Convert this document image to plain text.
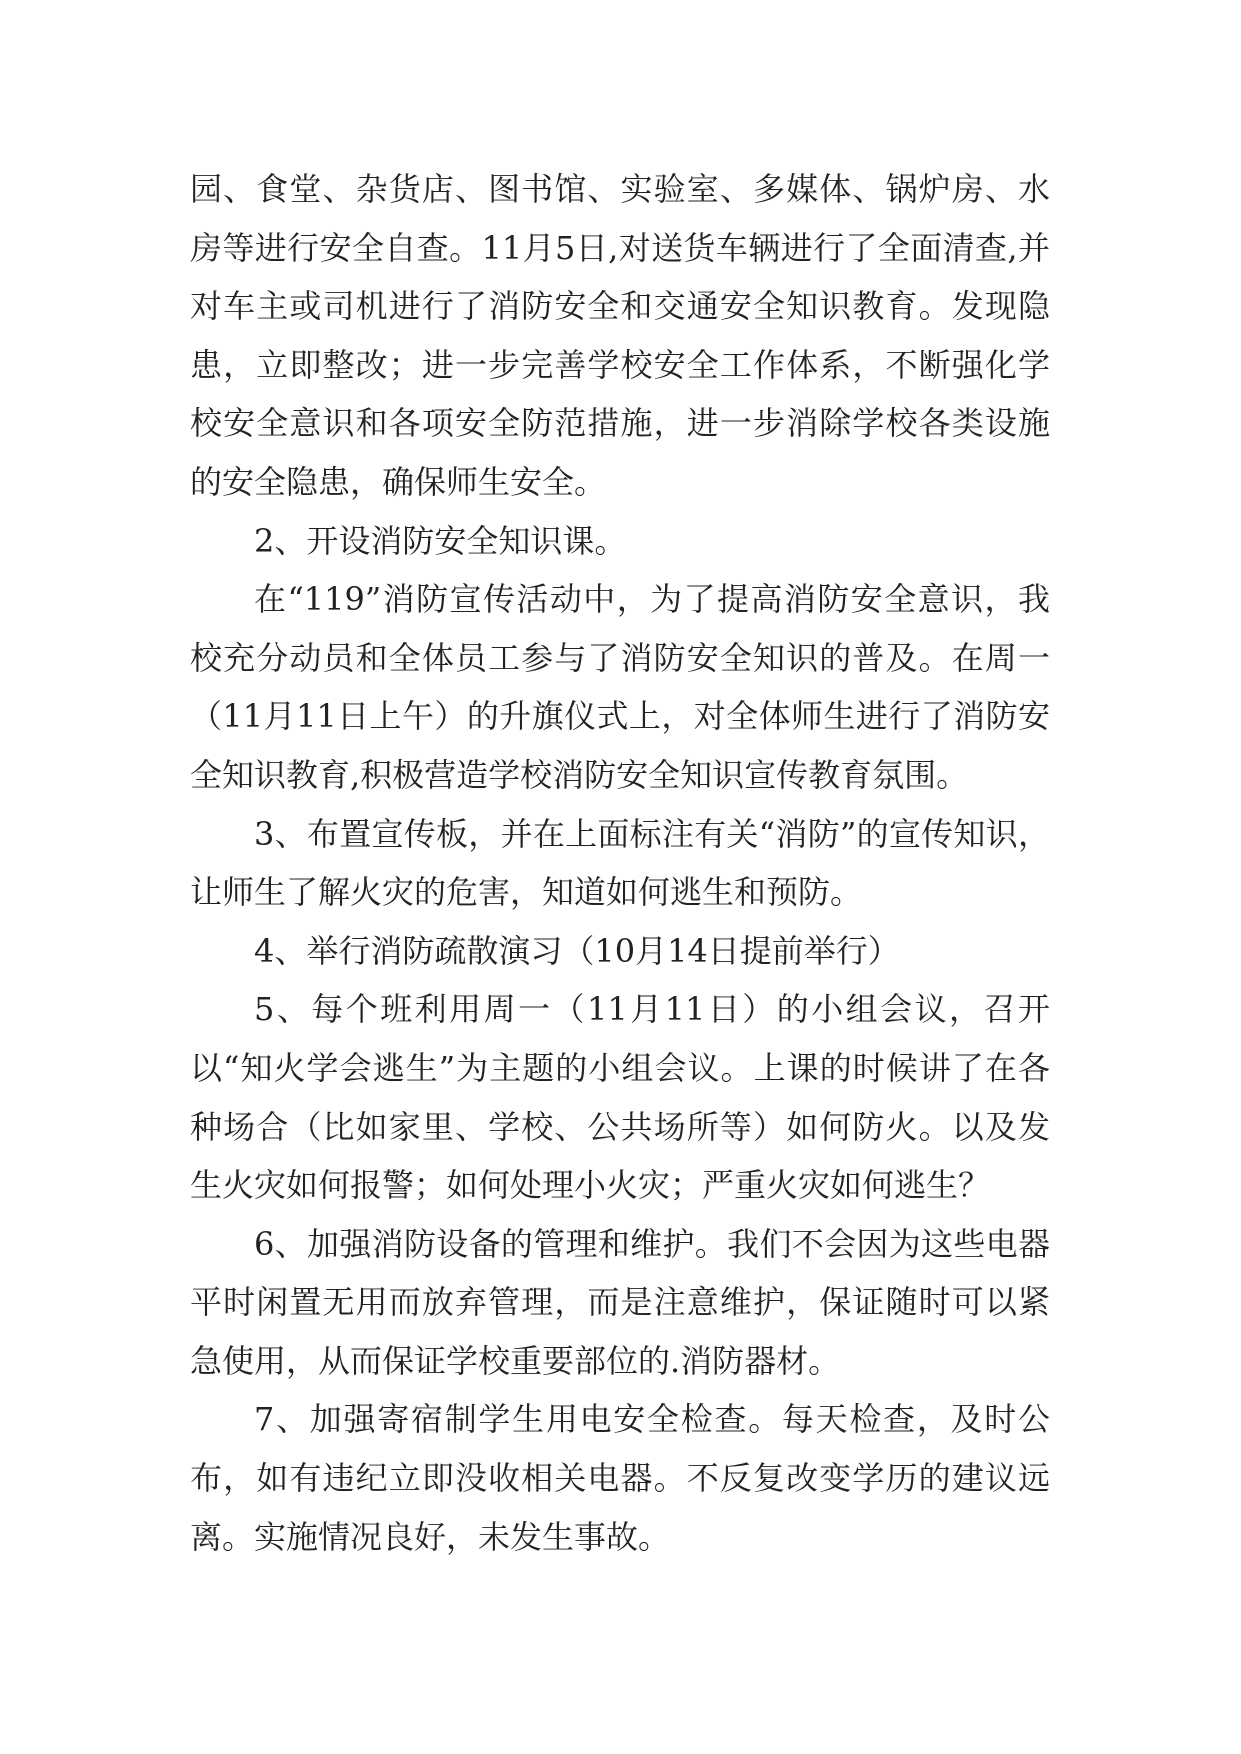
园、食堂、杂货店、图书馆、实验室、多媒体、锅炉房、水房等进行安全自查。11月5日,对送货车辆进行了全面清查,并对车主或司机进行了消防安全和交通安全知识教育。发现隐患，立即整改；进一步完善学校安全工作体系，不断强化学校安全意识和各项安全防范措施，进一步消除学校各类设施的安全隐患，确保师生安全。

2、开设消防安全知识课。

在“119”消防宣传活动中，为了提高消防安全意识，我校充分动员和全体员工参与了消防安全知识的普及。在周一（11月11日上午）的升旗仪式上，对全体师生进行了消防安全知识教育,积极营造学校消防安全知识宣传教育氛围。

3、布置宣传板，并在上面标注有关“消防”的宣传知识，让师生了解火灾的危害，知道如何逃生和预防。

4、举行消防疏散演习（10月14日提前举行）

5、每个班利用周一（11月11日）的小组会议，召开以“知火学会逃生”为主题的小组会议。上课的时候讲了在各种场合（比如家里、学校、公共场所等）如何防火。以及发生火灾如何报警；如何处理小火灾；严重火灾如何逃生？

6、加强消防设备的管理和维护。我们不会因为这些电器平时闲置无用而放弃管理，而是注意维护，保证随时可以紧急使用，从而保证学校重要部位的.消防器材。

7、加强寄宿制学生用电安全检查。每天检查，及时公布，如有违纪立即没收相关电器。不反复改变学历的建议远离。实施情况良好，未发生事故。
